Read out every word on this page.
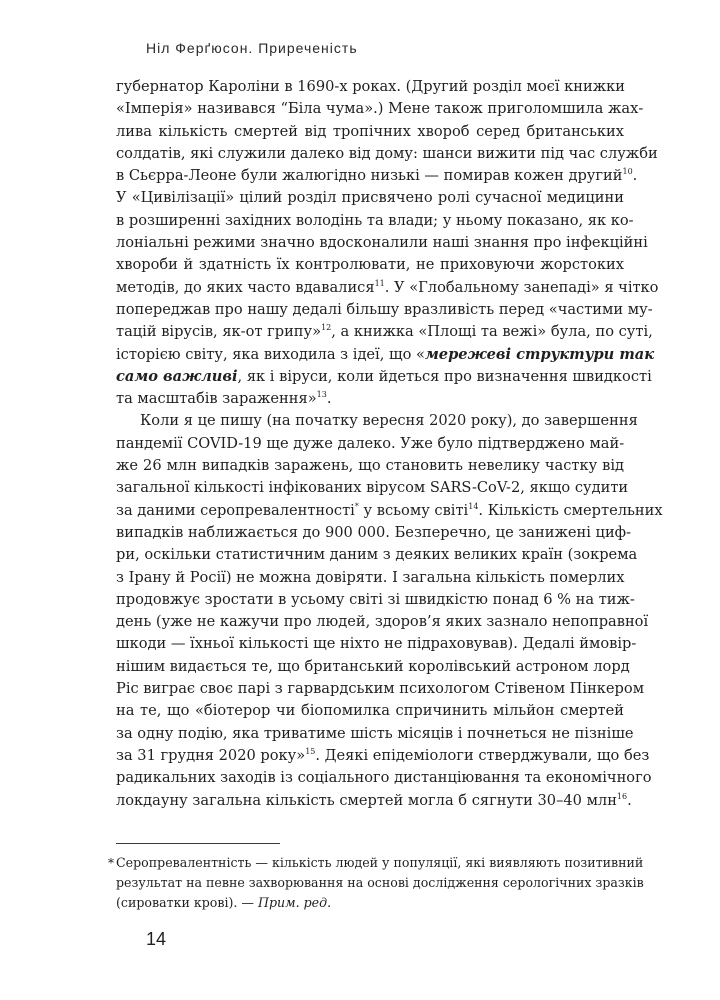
Ніл Ферґюсон. Приреченість
губернатор Кароліни в 1690-х роках. (Другий розділ моєї книжки
«Імперія» називався “Біла чума».) Мене також приголомшила жах-
лива кількість смертей від тропічних хвороб серед британських
солдатів, які служили далеко від дому: шанси вижити під час служби
в Сьєрра-Леоне були жалюгідно низькі — помирав кожен другий$^{10}$.
У «Цивілізації» цілий розділ присвячено ролі сучасної медицини
в розширенні західних володінь та влади; у ньому показано, як ко-
лоніальні режими значно вдосконалили наші знання про інфекційні
хвороби й здатність їх контролювати, не приховуючи жорстоких
методів, до яких часто вдавалися$^{11}$. У «Глобальному занепаді» я чітко
попереджав про нашу дедалі більшу вразливість перед «частими му-
тацій вірусів, як-от грипу»$^{12}$, а книжка «Площі та вежі» була, по суті,
історією світу, яка виходила з ідеї, що «мережеві структури так
само важливі, як і віруси, коли йдеться про визначення швидкості
та масштабів зараження»$^{13}$.
Коли я це пишу (на початку вересня 2020 року), до завершення
пандемії COVID-19 ще дуже далеко. Уже було підтверджено май-
же 26 млн випадків заражень, що становить невелику частку від
загальної кількості інфікованих вірусом SARS-CoV-2, якщо судити
за даними серопревалентності* у всьому світі$^{14}$. Кількість смертельних
випадків наближається до 900 000. Безперечно, це занижені циф-
ри, оскільки статистичним даним з деяких великих країн (зокрема
з Ірану й Росії) не можна довіряти. І загальна кількість померлих
продовжує зростати в усьому світі зі швидкістю понад 6 % на тиж-
день (уже не кажучи про людей, здоров’я яких зазнало непоправної
шкоди — їхньої кількості ще ніхто не підраховував). Дедалі ймовір-
нішим видається те, що британський королівський астроном лорд
Ріс виграє своє парі з гарвардським психологом Стівеном Пінкером
на те, що «біотерор чи біопомилка спричинить мільйон смертей
за одну подію, яка триватиме шість місяців і почнеться не пізніше
за 31 грудня 2020 року»$^{15}$. Деякі епідеміологи стверджували, що без
радикальних заходів із соціального дистанціювання та економічного
локдауну загальна кількість смертей могла б сягнути 30–40 млн$^{16}$.
* Серопревалентність — кількість людей у популяції, які виявляють позитивний
результат на певне захворювання на основі дослідження серологічних зразків
(сироватки крові). — Прим. ред.
14
